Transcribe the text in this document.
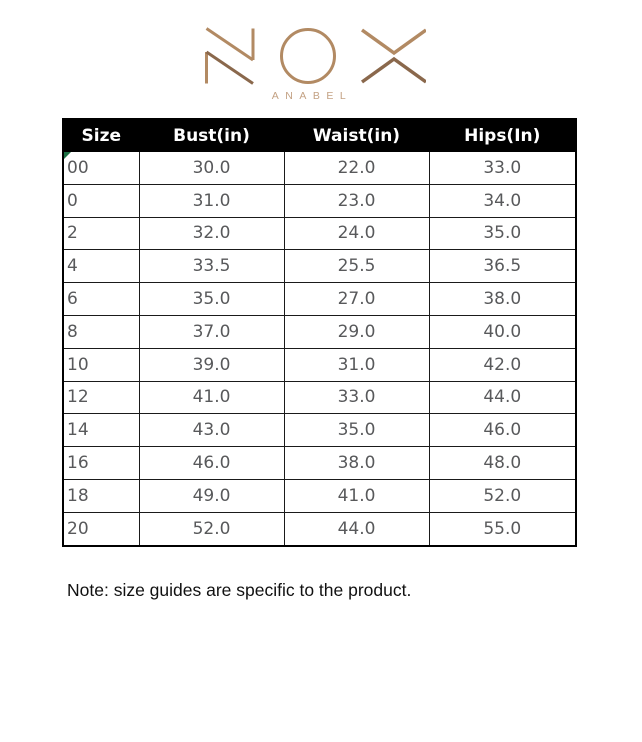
ANABEL
Size	Bust(in)	Waist(in)	Hips(In)
00	30.0	22.0	33.0
0	31.0	23.0	34.0
2	32.0	24.0	35.0
4	33.5	25.5	36.5
6	35.0	27.0	38.0
8	37.0	29.0	40.0
10	39.0	31.0	42.0
12	41.0	33.0	44.0
14	43.0	35.0	46.0
16	46.0	38.0	48.0
18	49.0	41.0	52.0
20	52.0	44.0	55.0

Note: size guides are specific to the product.
